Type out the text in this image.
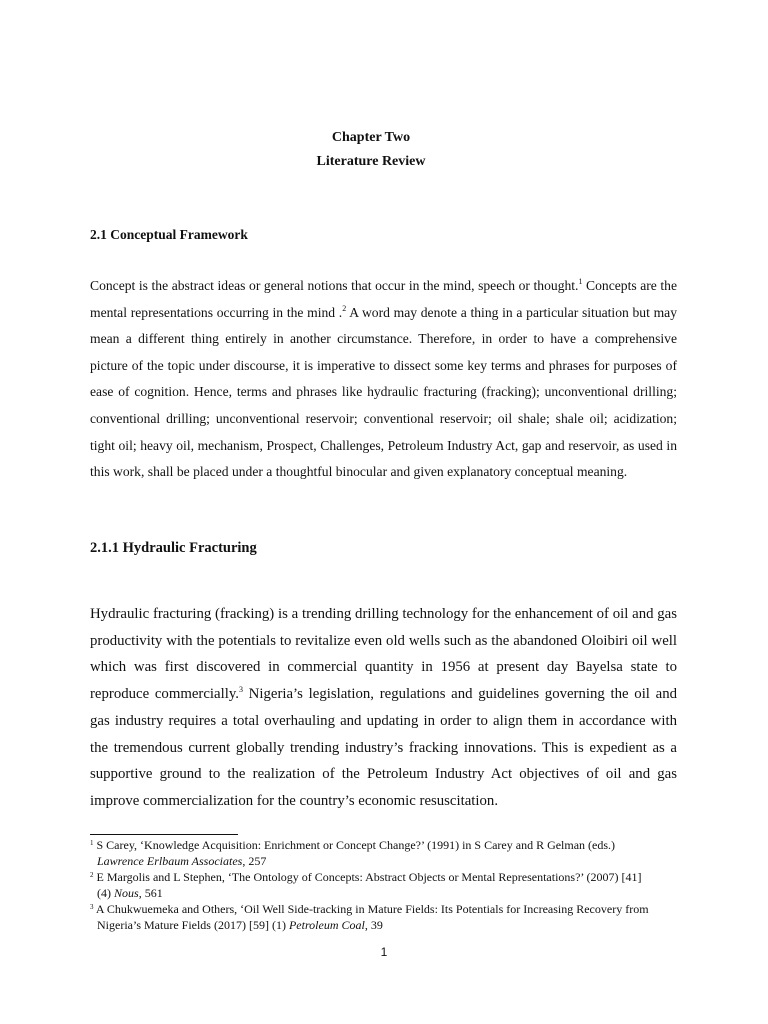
Chapter Two
Literature Review
2.1 Conceptual Framework

Concept is the abstract ideas or general notions that occur in the mind, speech or thought.$^1$ Concepts are the mental representations occurring in the mind .$^2$ A word may denote a thing in a particular situation but may mean a different thing entirely in another circumstance. Therefore, in order to have a comprehensive picture of the topic under discourse, it is imperative to dissect some key terms and phrases for purposes of ease of cognition. Hence, terms and phrases like hydraulic fracturing (fracking); unconventional drilling; conventional drilling; unconventional reservoir; conventional reservoir; oil shale; shale oil; acidization; tight oil; heavy oil, mechanism, Prospect, Challenges, Petroleum Industry Act, gap and reservoir, as used in this work, shall be placed under a thoughtful binocular and given explanatory conceptual meaning.

2.1.1 Hydraulic Fracturing

Hydraulic fracturing (fracking) is a trending drilling technology for the enhancement of oil and gas productivity with the potentials to revitalize even old wells such as the abandoned Oloibiri oil well which was first discovered in commercial quantity in 1956 at present day Bayelsa state to reproduce commercially.$^3$ Nigeria’s legislation, regulations and guidelines governing the oil and gas industry requires a total overhauling and updating in order to align them in accordance with the tremendous current globally trending industry’s fracking innovations. This is expedient as a supportive ground to the realization of the Petroleum Industry Act objectives of oil and gas improve commercialization for the country’s economic resuscitation.

$^1$ S Carey, ‘Knowledge Acquisition: Enrichment or Concept Change?’ (1991) in S Carey and R Gelman (eds.)
Lawrence Erlbaum Associates, 257

$^2$ E Margolis and L Stephen, ‘The Ontology of Concepts: Abstract Objects or Mental Representations?’ (2007) [41]
(4) Nous, 561

$^3$ A Chukwuemeka and Others, ‘Oil Well Side-tracking in Mature Fields: Its Potentials for Increasing Recovery from
Nigeria’s Mature Fields (2017) [59] (1) Petroleum Coal, 39

1
